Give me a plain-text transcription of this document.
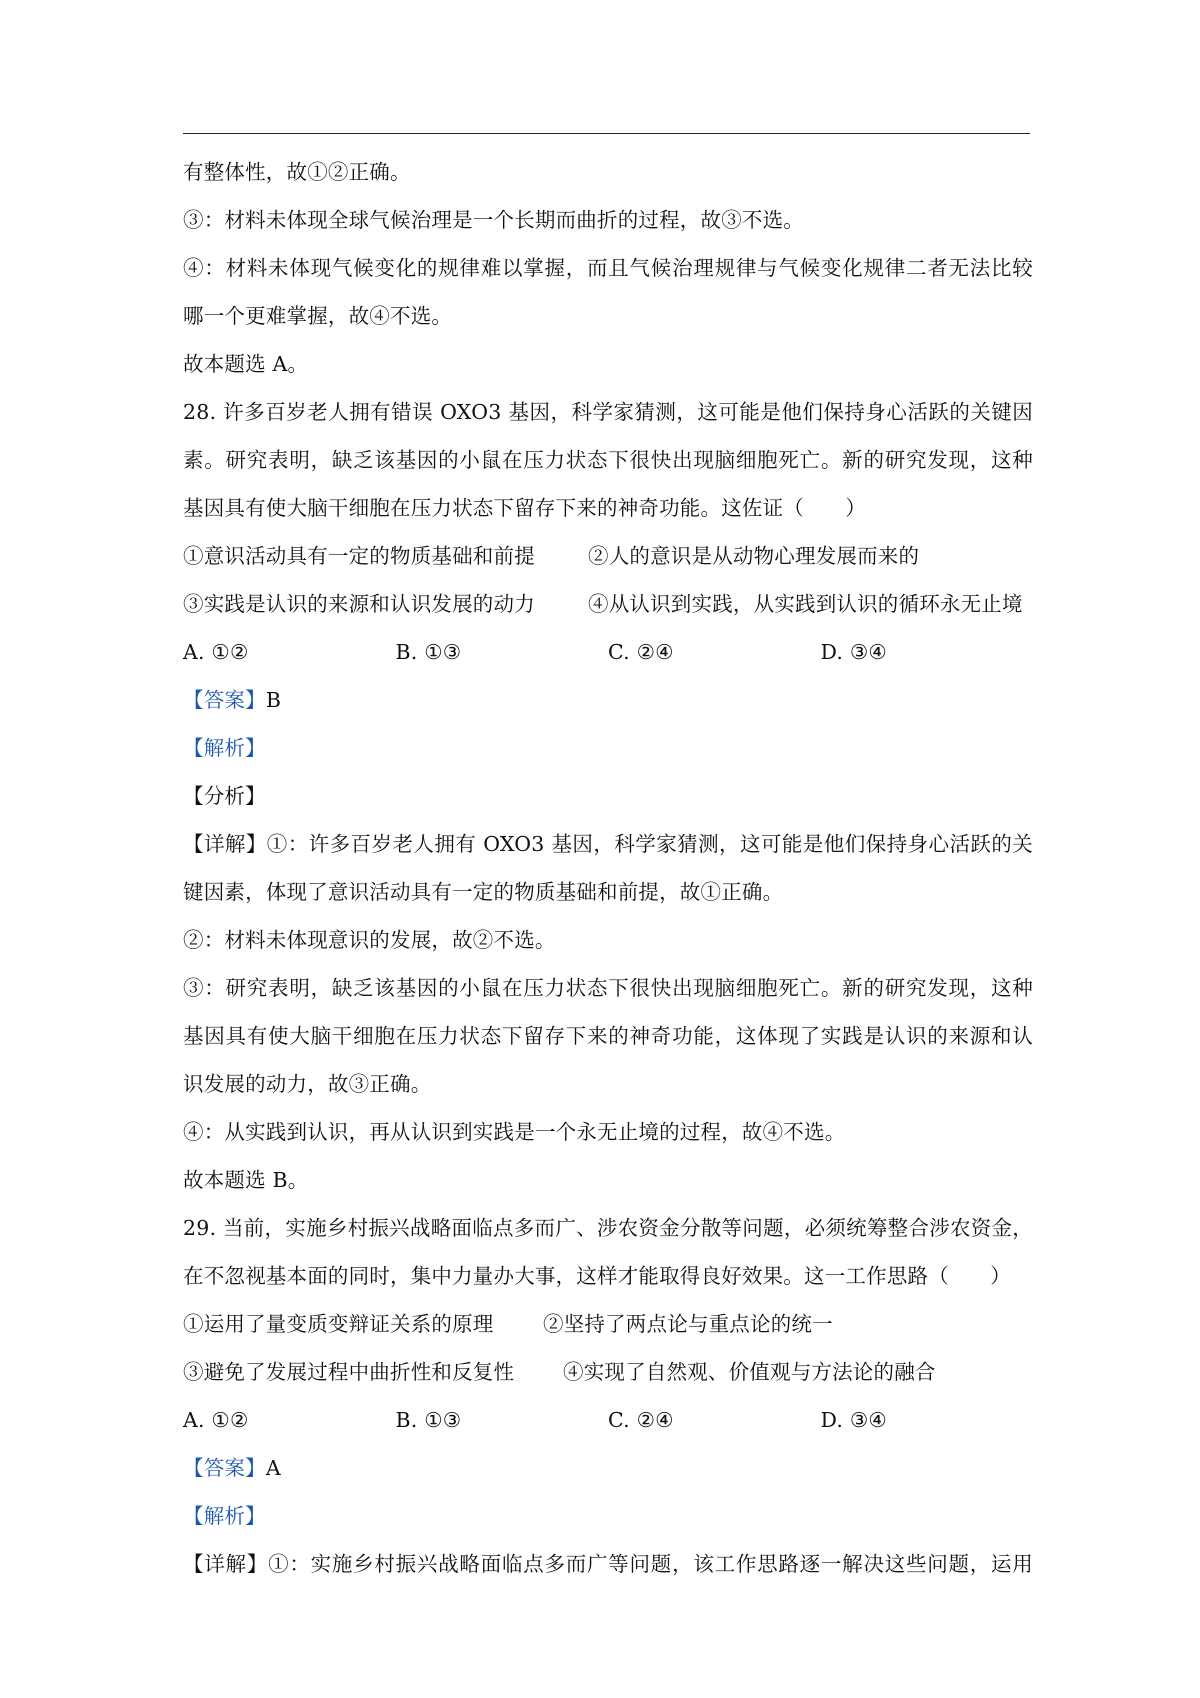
有整体性，故①②正确。
③：材料未体现全球气候治理是一个长期而曲折的过程，故③不选。
④：材料未体现气候变化的规律难以掌握，而且气候治理规律与气候变化规律二者无法比较
哪一个更难掌握，故④不选。
故本题选 A。
28. 许多百岁老人拥有错误 OXO3 基因，科学家猜测，这可能是他们保持身心活跃的关键因
素。研究表明，缺乏该基因的小鼠在压力状态下很快出现脑细胞死亡。新的研究发现，这种
基因具有使大脑干细胞在压力状态下留存下来的神奇功能。这佐证（　　）
①意识活动具有一定的物质基础和前提	②人的意识是从动物心理发展而来的
③实践是认识的来源和认识发展的动力	④从认识到实践，从实践到认识的循环永无止境
A. ①②	B. ①③	C. ②④	D. ③④
【答案】B
【解析】
【分析】
【详解】①：许多百岁老人拥有 OXO3 基因，科学家猜测，这可能是他们保持身心活跃的关
键因素，体现了意识活动具有一定的物质基础和前提，故①正确。
②：材料未体现意识的发展，故②不选。
③：研究表明，缺乏该基因的小鼠在压力状态下很快出现脑细胞死亡。新的研究发现，这种
基因具有使大脑干细胞在压力状态下留存下来的神奇功能，这体现了实践是认识的来源和认
识发展的动力，故③正确。
④：从实践到认识，再从认识到实践是一个永无止境的过程，故④不选。
故本题选 B。
29. 当前，实施乡村振兴战略面临点多而广、涉农资金分散等问题，必须统筹整合涉农资金，
在不忽视基本面的同时，集中力量办大事，这样才能取得良好效果。这一工作思路（　　）
①运用了量变质变辩证关系的原理	②坚持了两点论与重点论的统一
③避免了发展过程中曲折性和反复性	④实现了自然观、价值观与方法论的融合
A. ①②	B. ①③	C. ②④	D. ③④
【答案】A
【解析】
【详解】①：实施乡村振兴战略面临点多而广等问题，该工作思路逐一解决这些问题，运用
